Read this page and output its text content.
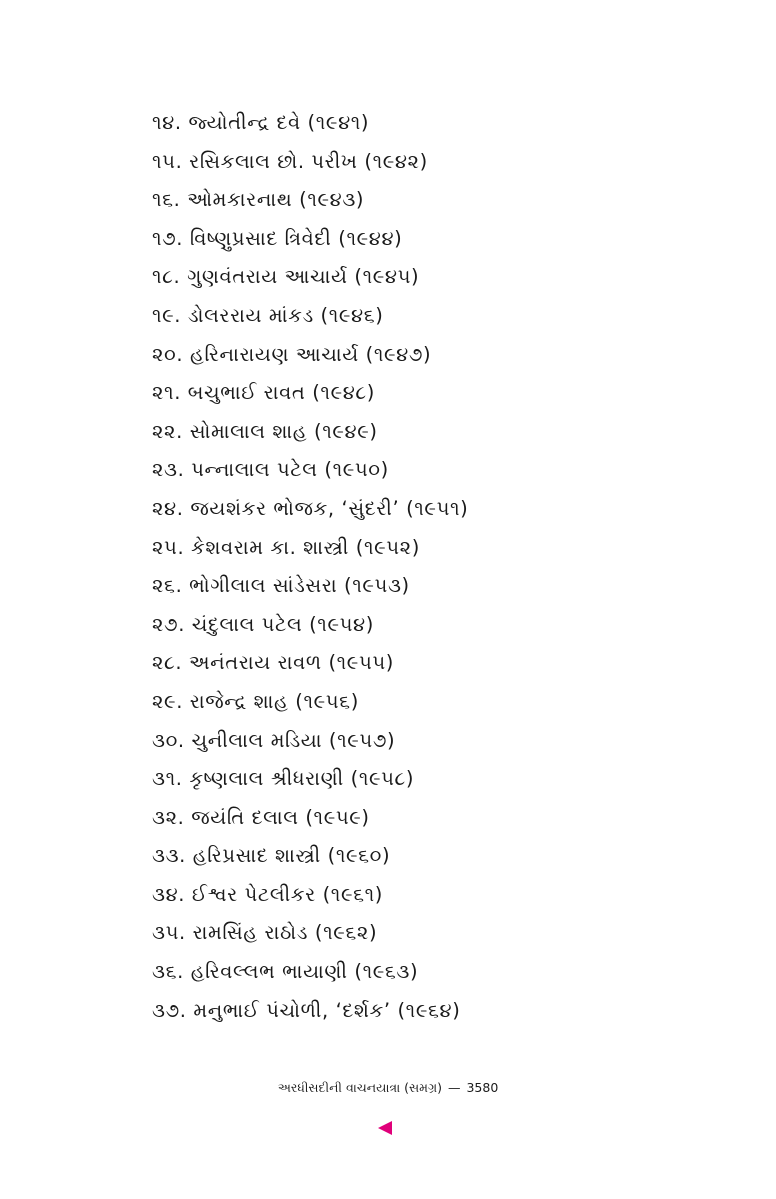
૧૪. જ્યોતીન્દ્ર દવે (૧૯૪૧)
૧૫. રસિકલાલ છો. પરીખ (૧૯૪૨)
૧૬. ઓમકારનાથ (૧૯૪૩)
૧૭. વિષ્ણુપ્રસાદ ત્રિવેદી (૧૯૪૪)
૧૮. ગુણવંતરાય આચાર્ય (૧૯૪૫)
૧૯. ડોલરરાય માંકડ (૧૯૪૬)
૨૦. હરિનારાયણ આચાર્ય (૧૯૪૭)
૨૧. બચુભાઈ રાવત (૧૯૪૮)
૨૨. સોમાલાલ શાહ (૧૯૪૯)
૨૩. પન્નાલાલ પટેલ (૧૯૫૦)
૨૪. જયશંકર ભોજક, ‘સુંદરી’ (૧૯૫૧)
૨૫. કેશવરામ કા. શાસ્ત્રી (૧૯૫૨)
૨૬. ભોગીલાલ સાંડેસરા (૧૯૫૩)
૨૭. ચંદુલાલ પટેલ (૧૯૫૪)
૨૮. અનંતરાય રાવળ (૧૯૫૫)
૨૯. રાજેન્દ્ર શાહ (૧૯૫૬)
૩૦. ચુનીલાલ મડિયા (૧૯૫૭)
૩૧. કૃષ્ણલાલ શ્રીધરાણી (૧૯૫૮)
૩૨. જયંતિ દલાલ (૧૯૫૯)
૩૩. હરિપ્રસાદ શાસ્ત્રી (૧૯૬૦)
૩૪. ઈશ્વર પેટલીકર (૧૯૬૧)
૩૫. રામસિંહ રાઠોડ (૧૯૬૨)
૩૬. હરિવલ્લભ ભાયાણી (૧૯૬૩)
૩૭. મનુભાઈ પંચોળી, ‘દર્શક’ (૧૯૬૪)
અરધીસદીની વાચનયાત્રા (સમગ્ર) — 3580
